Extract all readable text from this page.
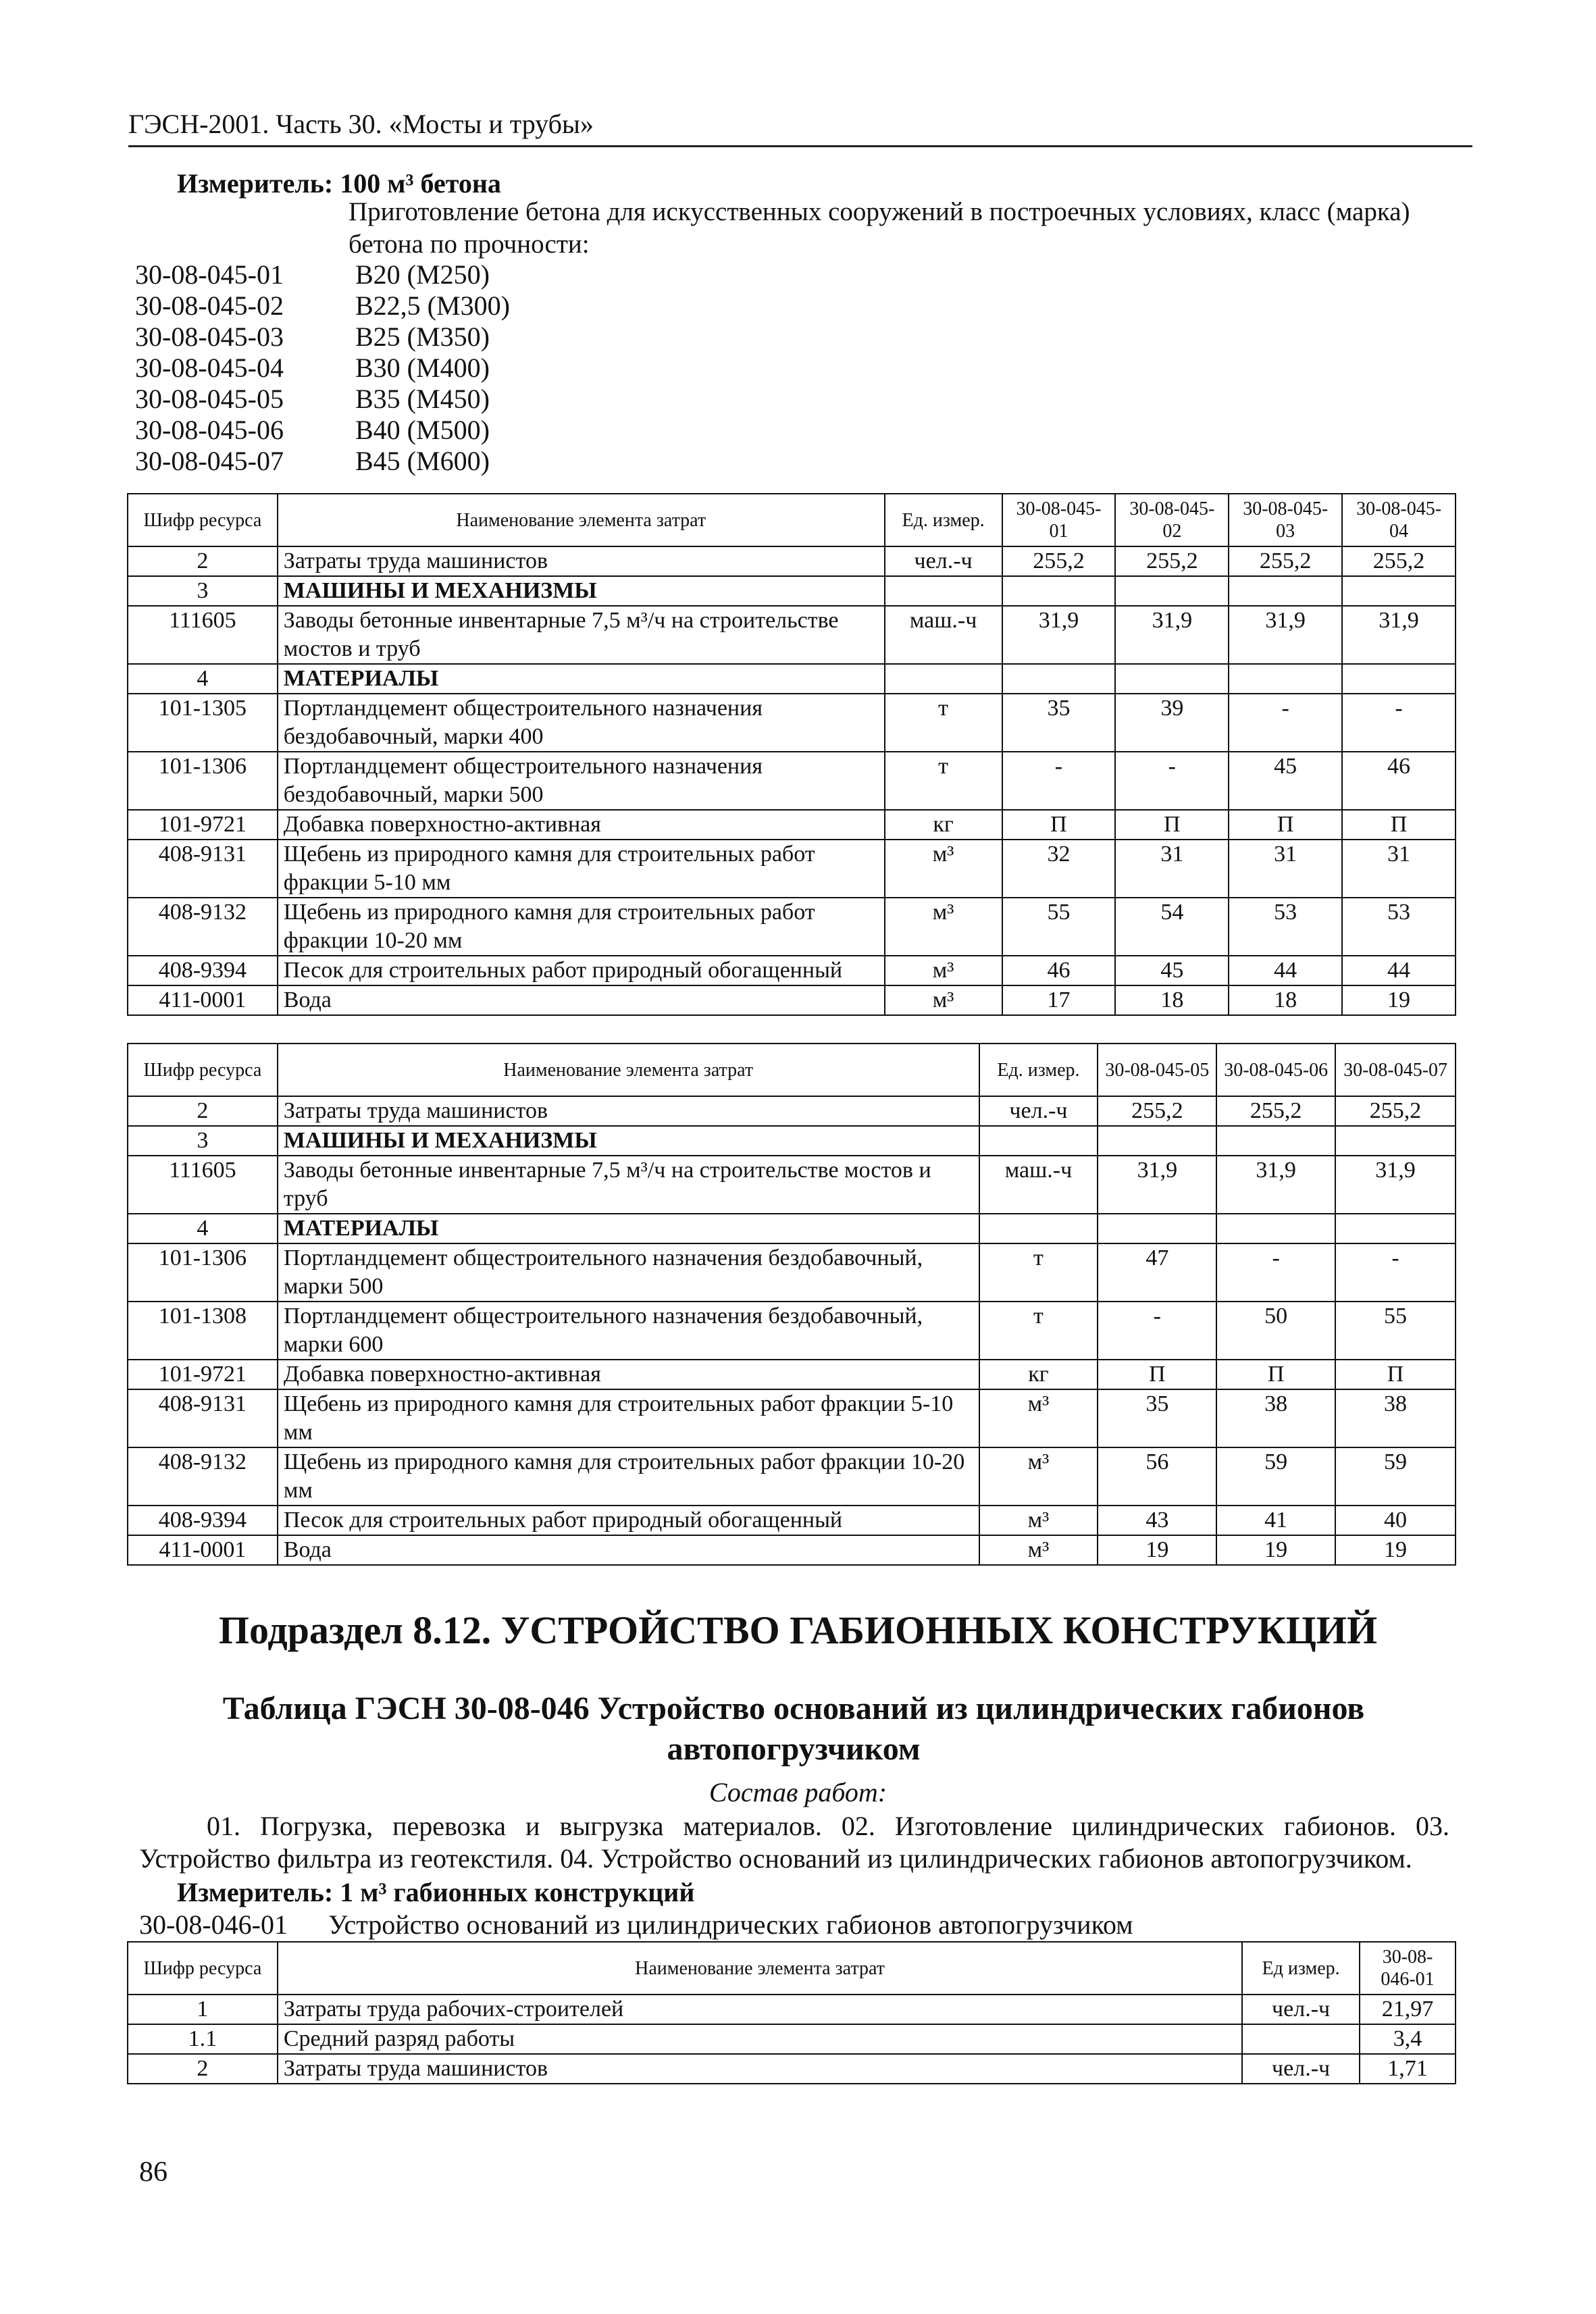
ГЭСН-2001. Часть 30. «Мосты и трубы»
Измеритель: 100 м³ бетона
Приготовление бетона для искусственных сооружений в построечных условиях, класс (марка) бетона по прочности:
30-08-045-01	В20 (М250)
30-08-045-02	В22,5 (М300)
30-08-045-03	В25 (М350)
30-08-045-04	В30 (М400)
30-08-045-05	В35 (М450)
30-08-045-06	В40 (М500)
30-08-045-07	В45 (М600)
Шифр ресурса	Наименование элемента затрат	Ед. измер.	30-08-045-01	30-08-045-02	30-08-045-03	30-08-045-04
2	Затраты труда машинистов	чел.-ч	255,2	255,2	255,2	255,2
3	МАШИНЫ И МЕХАНИЗМЫ					
111605	Заводы бетонные инвентарные 7,5 м³/ч на строительстве мостов и труб	маш.-ч	31,9	31,9	31,9	31,9
4	МАТЕРИАЛЫ					
101-1305	Портландцемент общестроительного назначения бездобавочный, марки 400	т	35	39	-	-
101-1306	Портландцемент общестроительного назначения бездобавочный, марки 500	т	-	-	45	46
101-9721	Добавка поверхностно-активная	кг	П	П	П	П
408-9131	Щебень из природного камня для строительных работ фракции 5-10 мм	м³	32	31	31	31
408-9132	Щебень из природного камня для строительных работ фракции 10-20 мм	м³	55	54	53	53
408-9394	Песок для строительных работ природный обогащенный	м³	46	45	44	44
411-0001	Вода	м³	17	18	18	19
Шифр ресурса	Наименование элемента затрат	Ед. измер.	30-08-045-05	30-08-045-06	30-08-045-07
2	Затраты труда машинистов	чел.-ч	255,2	255,2	255,2
3	МАШИНЫ И МЕХАНИЗМЫ				
111605	Заводы бетонные инвентарные 7,5 м³/ч на строительстве мостов и труб	маш.-ч	31,9	31,9	31,9
4	МАТЕРИАЛЫ				
101-1306	Портландцемент общестроительного назначения бездобавочный, марки 500	т	47	-	-
101-1308	Портландцемент общестроительного назначения бездобавочный, марки 600	т	-	50	55
101-9721	Добавка поверхностно-активная	кг	П	П	П
408-9131	Щебень из природного камня для строительных работ фракции 5-10 мм	м³	35	38	38
408-9132	Щебень из природного камня для строительных работ фракции 10-20 мм	м³	56	59	59
408-9394	Песок для строительных работ природный обогащенный	м³	43	41	40
411-0001	Вода	м³	19	19	19
Подраздел 8.12. УСТРОЙСТВО ГАБИОННЫХ КОНСТРУКЦИЙ
Таблица ГЭСН 30-08-046 Устройство оснований из цилиндрических габионов автопогрузчиком
Состав работ:
01. Погрузка, перевозка и выгрузка материалов. 02. Изготовление цилиндрических габионов. 03. Устройство фильтра из геотекстиля. 04. Устройство оснований из цилиндрических габионов автопогрузчиком.
Измеритель: 1 м³ габионных конструкций
30-08-046-01 Устройство оснований из цилиндрических габионов автопогрузчиком
Шифр ресурса	Наименование элемента затрат	Ед измер.	30-08-046-01
1	Затраты труда рабочих-строителей	чел.-ч	21,97
1.1	Средний разряд работы		3,4
2	Затраты труда машинистов	чел.-ч	1,71
86
